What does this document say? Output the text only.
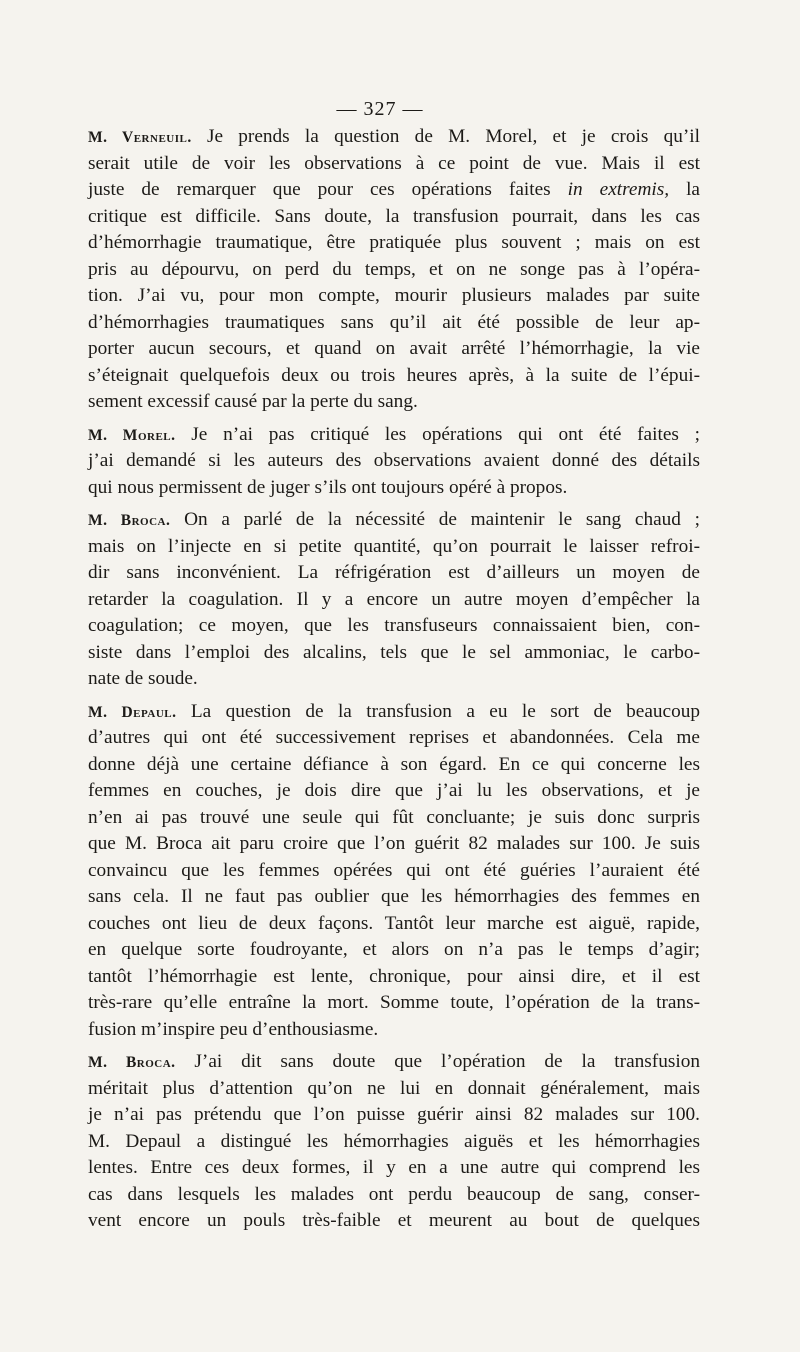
— 327 —
M. Verneuil. Je prends la question de M. Morel, et je crois qu’il
serait utile de voir les observations à ce point de vue. Mais il est
juste de remarquer que pour ces opérations faites in extremis, la
critique est difficile. Sans doute, la transfusion pourrait, dans les cas
d’hémorrhagie traumatique, être pratiquée plus souvent ; mais on est
pris au dépourvu, on perd du temps, et on ne songe pas à l’opéra-
tion. J’ai vu, pour mon compte, mourir plusieurs malades par suite
d’hémorrhagies traumatiques sans qu’il ait été possible de leur ap-
porter aucun secours, et quand on avait arrêté l’hémorrhagie, la vie
s’éteignait quelquefois deux ou trois heures après, à la suite de l’épui-
sement excessif causé par la perte du sang.
M. Morel. Je n’ai pas critiqué les opérations qui ont été faites ;
j’ai demandé si les auteurs des observations avaient donné des détails
qui nous permissent de juger s’ils ont toujours opéré à propos.
M. Broca. On a parlé de la nécessité de maintenir le sang chaud ;
mais on l’injecte en si petite quantité, qu’on pourrait le laisser refroi-
dir sans inconvénient. La réfrigération est d’ailleurs un moyen de
retarder la coagulation. Il y a encore un autre moyen d’empêcher la
coagulation; ce moyen, que les transfuseurs connaissaient bien, con-
siste dans l’emploi des alcalins, tels que le sel ammoniac, le carbo-
nate de soude.
M. Depaul. La question de la transfusion a eu le sort de beaucoup
d’autres qui ont été successivement reprises et abandonnées. Cela me
donne déjà une certaine défiance à son égard. En ce qui concerne les
femmes en couches, je dois dire que j’ai lu les observations, et je
n’en ai pas trouvé une seule qui fût concluante; je suis donc surpris
que M. Broca ait paru croire que l’on guérit 82 malades sur 100. Je suis
convaincu que les femmes opérées qui ont été guéries l’auraient été
sans cela. Il ne faut pas oublier que les hémorrhagies des femmes en
couches ont lieu de deux façons. Tantôt leur marche est aiguë, rapide,
en quelque sorte foudroyante, et alors on n’a pas le temps d’agir;
tantôt l’hémorrhagie est lente, chronique, pour ainsi dire, et il est
très-rare qu’elle entraîne la mort. Somme toute, l’opération de la trans-
fusion m’inspire peu d’enthousiasme.
M. Broca. J’ai dit sans doute que l’opération de la transfusion
méritait plus d’attention qu’on ne lui en donnait généralement, mais
je n’ai pas prétendu que l’on puisse guérir ainsi 82 malades sur 100.
M. Depaul a distingué les hémorrhagies aiguës et les hémorrhagies
lentes. Entre ces deux formes, il y en a une autre qui comprend les
cas dans lesquels les malades ont perdu beaucoup de sang, conser-
vent encore un pouls très-faible et meurent au bout de quelques
